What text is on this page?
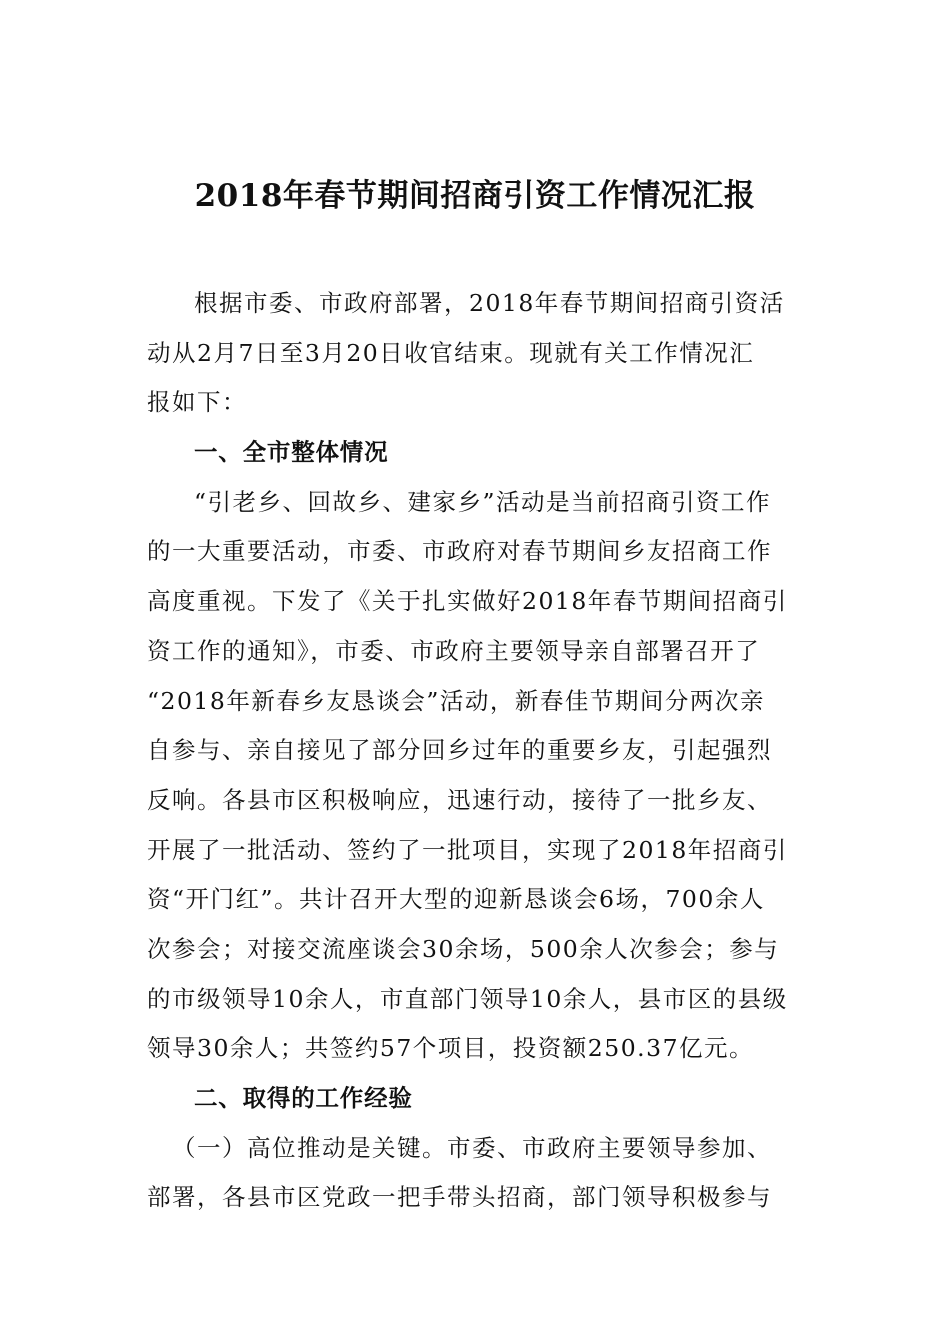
2018年春节期间招商引资工作情况汇报
根据市委、市政府部署，2018年春节期间招商引资活
动从2月7日至3月20日收官结束。现就有关工作情况汇
报如下：
一、全市整体情况
“引老乡、回故乡、建家乡”活动是当前招商引资工作
的一大重要活动，市委、市政府对春节期间乡友招商工作
高度重视。下发了《关于扎实做好2018年春节期间招商引
资工作的通知》，市委、市政府主要领导亲自部署召开了
“2018年新春乡友恳谈会”活动，新春佳节期间分两次亲
自参与、亲自接见了部分回乡过年的重要乡友，引起强烈
反响。各县市区积极响应，迅速行动，接待了一批乡友、
开展了一批活动、签约了一批项目，实现了2018年招商引
资“开门红”。共计召开大型的迎新恳谈会6场，700余人
次参会；对接交流座谈会30余场，500余人次参会；参与
的市级领导10余人，市直部门领导10余人，县市区的县级
领导30余人；共签约57个项目，投资额250.37亿元。
二、取得的工作经验
（一）高位推动是关键。市委、市政府主要领导参加、
部署，各县市区党政一把手带头招商，部门领导积极参与
